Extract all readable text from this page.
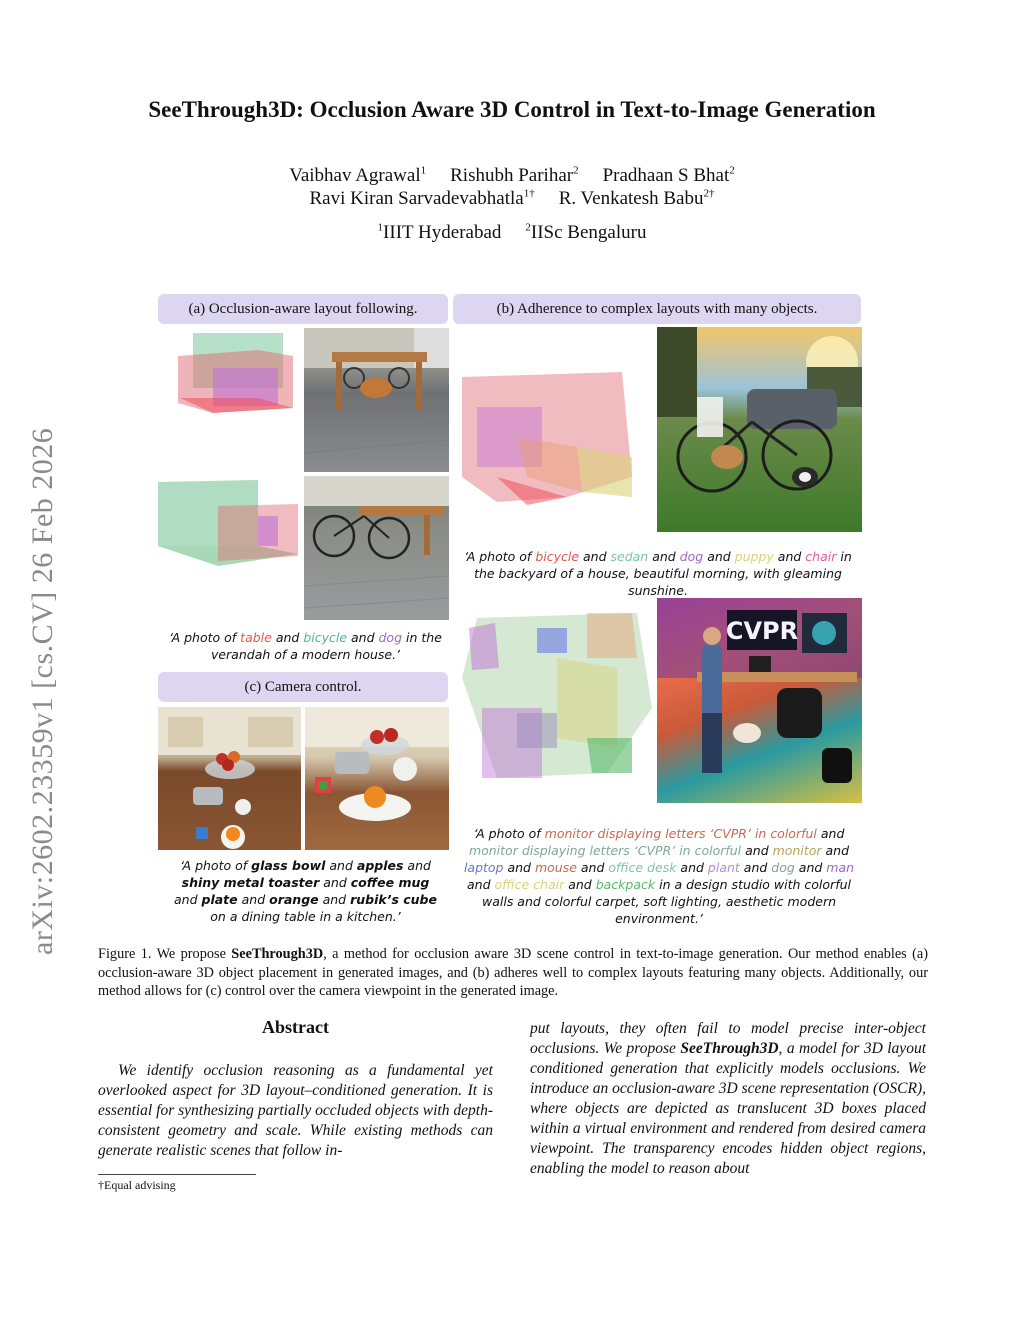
SeeThrough3D: Occlusion Aware 3D Control in Text-to-Image Generation
Vaibhav Agrawal$^1$ Rishubh Parihar$^2$ Pradhaan S Bhat$^2$
Ravi Kiran Sarvadevabhatla$^{1\dagger}$ R. Venkatesh Babu$^{2\dagger}$
$^1$IIIT Hyderabad $^2$IISc Bengaluru
arXiv:2602.23359v1 [cs.CV] 26 Feb 2026
(a) Occlusion-aware layout following.	(b) Adherence to complex layouts with many objects.
(c) Camera control.
‘A photo of table and bicycle and dog in the verandah of a modern house.’
‘A photo of glass bowl and apples and shiny metal toaster and coffee mug and plate and orange and rubik’s cube on a dining table in a kitchen.’
‘A photo of bicycle and sedan and dog and puppy and chair in the backyard of a house, beautiful morning, with gleaming sunshine.
CVPR
‘A photo of monitor displaying letters ‘CVPR’ in colorful and monitor displaying letters ‘CVPR’ in colorful and monitor and laptop and mouse and office desk and plant and dog and man and office chair and backpack in a design studio with colorful walls and colorful carpet, soft lighting, aesthetic modern environment.’
Figure 1. We propose SeeThrough3D, a method for occlusion aware 3D scene control in text-to-image generation. Our method enables (a) occlusion-aware 3D object placement in generated images, and (b) adheres well to complex layouts featuring many objects. Additionally, our method allows for (c) control over the camera viewpoint in the generated image.
Abstract
We identify occlusion reasoning as a fundamental yet overlooked aspect for 3D layout–conditioned generation. It is essential for synthesizing partially occluded objects with depth-consistent geometry and scale. While existing methods can generate realistic scenes that follow in-
put layouts, they often fail to model precise inter-object occlusions. We propose SeeThrough3D, a model for 3D layout conditioned generation that explicitly models occlusions. We introduce an occlusion-aware 3D scene representation (OSCR), where objects are depicted as translucent 3D boxes placed within a virtual environment and rendered from desired camera viewpoint. The transparency encodes hidden object regions, enabling the model to reason about
†Equal advising
